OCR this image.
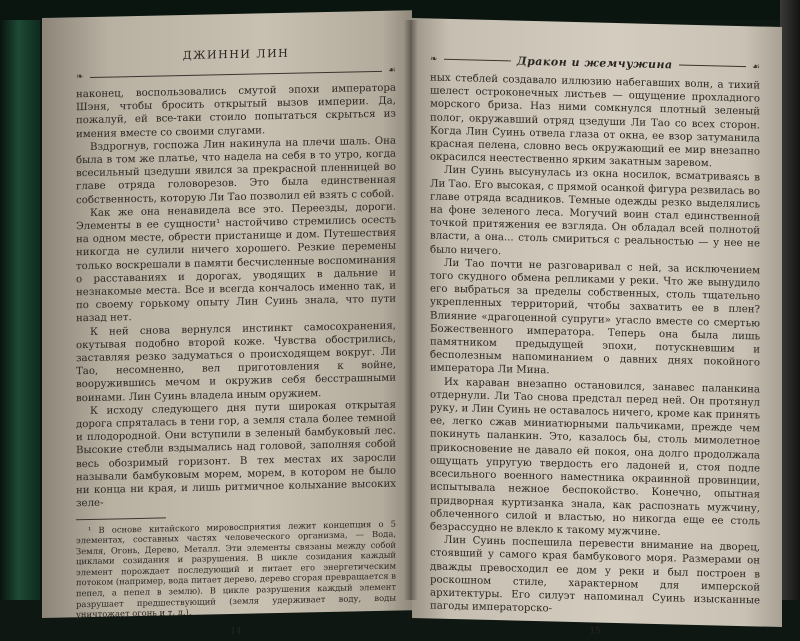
ДЖИННИ ЛИН
❧
☙

наконец, воспользовались смутой эпохи императора Шэня, чтобы бросить открытый вызов империи. Да, пожалуй, ей все-таки стоило попытаться скрыться из имения вместе со своими слугами.

Вздрогнув, госпожа Лин накинула на плечи шаль. Она была в том же платье, что надела на себя в то утро, когда всесильный цзедуши явился за прекрасной пленницей во главе отряда головорезов. Это была единственная собственность, которую Ли Тао позволил ей взять с собой.

Как же она ненавидела все это. Переезды, дороги. Элементы в ее сущности¹ настойчиво стремились осесть на одном месте, обрести пристанище и дом. Путешествия никогда не сулили ничего хорошего. Резкие перемены только воскрешали в памяти бесчисленные воспоминания о расставаниях и дорогах, уводящих в дальние и незнакомые места. Все и всегда кончалось именно так, и по своему горькому опыту Лин Суинь знала, что пути назад нет.

К ней снова вернулся инстинкт самосохранения, окутывая подобно второй коже. Чувства обострились, заставляя резко задуматься о происходящем вокруг. Ли Тао, несомненно, вел приготовления к войне, вооружившись мечом и окружив себя бесстрашными воинами. Лин Суинь владела иным оружием.

К исходу следующего дня пути широкая открытая дорога спряталась в тени гор, а земля стала более темной и плодородной. Они вступили в зеленый бамбуковый лес. Высокие стебли вздымались над головой, заполняя собой весь обозримый горизонт. В тех местах их заросли называли бамбуковым морем, морем, в котором не было ни конца ни края, и лишь ритмичное колыхание высоких зеле-

¹ В основе китайского мировосприятия лежит концепция о 5 элементах, составных частях человеческого организма, — Вода, Земля, Огонь, Дерево, Металл. Эти элементы связаны между собой циклами созидания и разрушения. В цикле созидания каждый элемент порождает последующий и питает его энергетическим потоком (например, вода питает дерево, дерево сгорая превращается в пепел, а пепел в землю). В цикле разрушения каждый элемент разрушает предшествующий (земля удерживает воду, воды уничтожает огонь и т. д.).

14
❧	Дракон и жемчужина	☙

ных стеблей создавало иллюзию набегавших волн, а тихий шелест остроконечных листьев — ощущение прохладного морского бриза. Наз ними сомкнулся плотный зеленый полог, окружавший отряд цзедуши Ли Тао со всех сторон. Когда Лин Суинь отвела глаза от окна, ее взор затуманила красная пелена, словно весь окружающий ее мир внезапно окрасился неестественно ярким закатным заревом.

Лин Суинь высунулась из окна носилок, всматриваясь в Ли Тао. Его высокая, с прямой осанкой фигура резвилась во главе отряда всадников. Темные одежды резко выделялись на фоне зеленого леса. Могучий воин стал единственной точкой притяжения ее взгляда. Он обладал всей полнотой власти, а она... столь смириться с реальностью — у нее не было ничего.

Ли Тао почти не разговаривал с ней, за исключением того скудного обмена репликами у реки. Что же вынудило его выбраться за пределы собственных, столь тщательно укрепленных территорий, чтобы захватить ее в плен? Влияние «драгоценной супруги» угасло вместе со смертью Божественного императора. Теперь она была лишь памятником предыдущей эпохи, потускневшим и бесполезным напоминанием о давних днях покойного императора Ли Мина.

Их караван внезапно остановился, занавес паланкина отдернули. Ли Тао снова предстал перед ней. Он протянул руку, и Лин Суинь не оставалось ничего, кроме как принять ее, легко сжав миниатюрными пальчиками, прежде чем покинуть паланкин. Это, казалось бы, столь мимолетное прикосновение не давало ей покоя, она долго продолжала ощущать упругую твердость его ладоней и, стоя подле всесильного военного наместника окраинной провинции, испытывала нежное беспокойство. Конечно, опытная придворная куртизанка знала, как распознать мужчину, облеченного силой и властью, но никогда еще ее столь безрассудно не влекло к такому мужчине.

Лин Суинь поспешила перевести внимание на дворец, стоявший у самого края бамбукового моря. Размерами он дважды превосходил ее дом у реки и был построен в роскошном стиле, характерном для имперской архитектуры. Его силуэт напоминал Суинь изысканные пагоды императорско-

15
